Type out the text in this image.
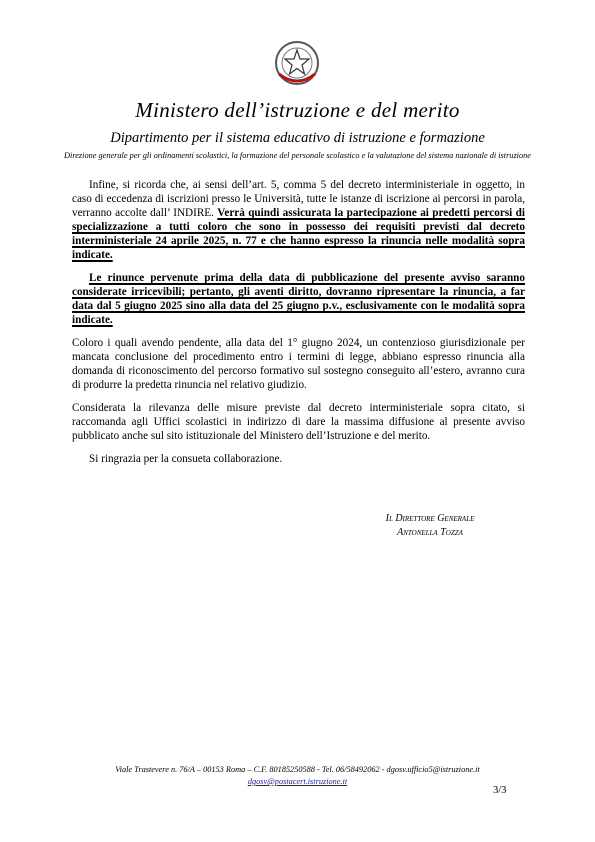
Ministero dell’istruzione e del merito
Dipartimento per il sistema educativo di istruzione e formazione
Direzione generale per gli ordinamenti scolastici, la formazione del personale scolastico e la valutazione del sistema nazionale di istruzione

Infine, si ricorda che, ai sensi dell’art. 5, comma 5 del decreto interministeriale in oggetto, in caso di eccedenza di iscrizioni presso le Università, tutte le istanze di iscrizione ai percorsi in parola, verranno accolte dall’ INDIRE. Verrà quindi assicurata la partecipazione ai predetti percorsi di specializzazione a tutti coloro che sono in possesso dei requisiti previsti dal decreto interministeriale 24 aprile 2025, n. 77 e che hanno espresso la rinuncia nelle modalità sopra indicate.

Le rinunce pervenute prima della data di pubblicazione del presente avviso saranno considerate irricevibili; pertanto, gli aventi diritto, dovranno ripresentare la rinuncia, a far data dal 5 giugno 2025 sino alla data del 25 giugno p.v., esclusivamente con le modalità sopra indicate.

Coloro i quali avendo pendente, alla data del 1° giugno 2024, un contenzioso giurisdizionale per mancata conclusione del procedimento entro i termini di legge, abbiano espresso rinuncia alla domanda di riconoscimento del percorso formativo sul sostegno conseguito all’estero, avranno cura di produrre la predetta rinuncia nel relativo giudizio.

Considerata la rilevanza delle misure previste dal decreto interministeriale sopra citato, si raccomanda agli Uffici scolastici in indirizzo di dare la massima diffusione al presente avviso pubblicato anche sul sito istituzionale del Ministero dell’Istruzione e del merito.

Si ringrazia per la consueta collaborazione.

Il Direttore Generale
Antonella Tozza
Viale Trastevere n. 76/A – 00153 Roma – C.F. 80185250588 - Tel. 06/58492062 - dgosv.ufficio5@istruzione.it
dgosv@postacert.istruzione.it
3/3
